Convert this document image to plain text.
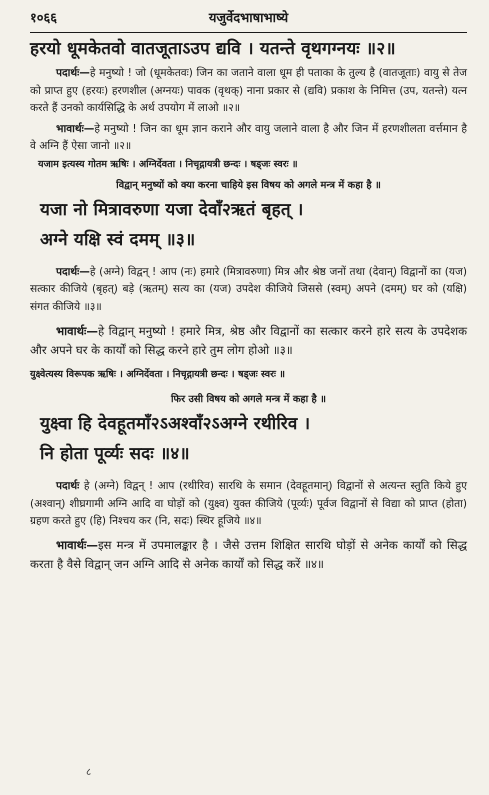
१०६६	यजुर्वेदभाषाभाष्ये

हरयो धूमकेतवो वातजूताऽउप द्यवि । यतन्ते वृथगग्नयः ॥२॥

पदार्थः—हे मनुष्यो ! जो (धूमकेतवः) जिन का जताने वाला धूम ही पताका के तुल्य है (वातजूताः) वायु से तेज को प्राप्त हुए (हरयः) हरणशील (अग्नयः) पावक (वृथक्) नाना प्रकार से (द्यवि) प्रकाश के निमित्त (उप, यतन्ते) यत्न करते हैं उनको कार्यसिद्धि के अर्थ उपयोग में लाओ ॥२॥

भावार्थः—हे मनुष्यो ! जिन का धूम ज्ञान कराने और वायु जलाने वाला है और जिन में हरणशीलता वर्त्तमान है वे अग्नि हैं ऐसा जानो ॥२॥

यजाम इत्यस्य गोतम ऋषिः । अग्निर्देवता । निचृद्गायत्री छन्दः । षड्जः स्वरः ॥

विद्वान् मनुष्यों को क्या करना चाहिये इस विषय को अगले मन्त्र में कहा है ॥

यजा नो मित्रावरुणा यजा देवाँ२ऋतं बृहत् ।

अग्ने यक्षि स्वं दमम् ॥३॥

पदार्थः—हे (अग्ने) विद्वन् ! आप (नः) हमारे (मित्रावरुणा) मित्र और श्रेष्ठ जनों तथा (देवान्) विद्वानों का (यज) सत्कार कीजिये (बृहत्) बड़े (ऋतम्) सत्य का (यज) उपदेश कीजिये जिससे (स्वम्) अपने (दमम्) घर को (यक्षि) संगत कीजिये ॥३॥

भावार्थः—हे विद्वान् मनुष्यो ! हमारे मित्र, श्रेष्ठ और विद्वानों का सत्कार करने हारे सत्य के उपदेशक और अपने घर के कार्यों को सिद्ध करने हारे तुम लोग होओ ॥३॥

युक्ष्वेत्यस्य विरूपक ऋषिः । अग्निर्देवता । निचृद्गायत्री छन्दः । षड्जः स्वरः ॥

फिर उसी विषय को अगले मन्त्र में कहा है ॥

युक्ष्वा हि देवहूतमाँ२ऽअश्वाँ२ऽअग्ने रथीरिव ।

नि होता पूर्व्यः सदः ॥४॥

पदार्थः हे (अग्ने) विद्वन् ! आप (रथीरिव) सारथि के समान (देवहूतमान्) विद्वानों से अत्यन्त स्तुति किये हुए (अश्वान्) शीघ्रगामी अग्नि आदि वा घोड़ों को (युक्ष्व) युक्त कीजिये (पूर्व्यः) पूर्वज विद्वानों से विद्या को प्राप्त (होता) ग्रहण करते हुए (हि) निश्चय कर (नि, सदः) स्थिर हूजिये ॥४॥

भावार्थः—इस मन्त्र में उपमालङ्कार है । जैसे उत्तम शिक्षित सारथि घोड़ों से अनेक कार्यों को सिद्ध करता है वैसे विद्वान् जन अग्नि आदि से अनेक कार्यों को सिद्ध करें ॥४॥

८
